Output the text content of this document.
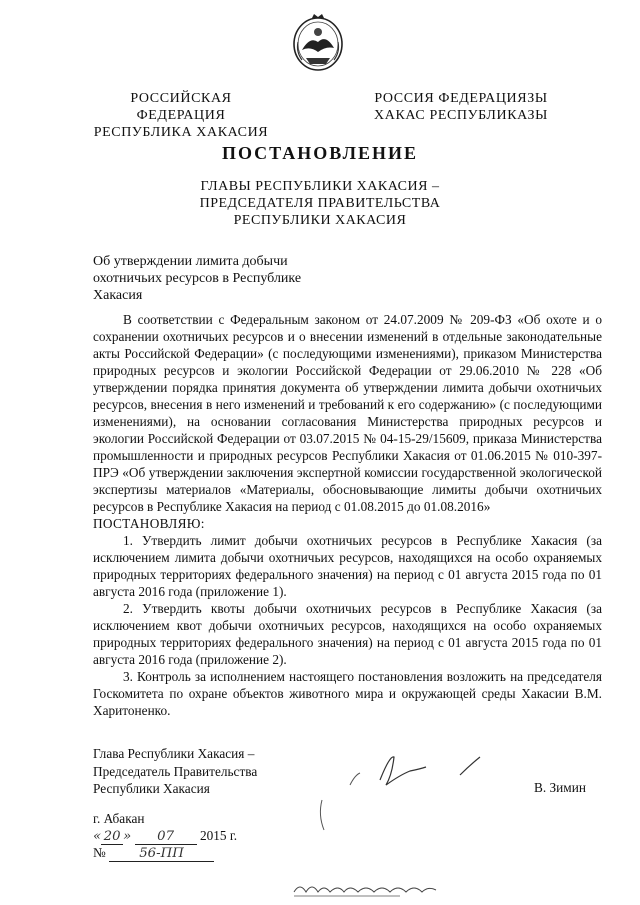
РОССИЙСКАЯ ФЕДЕРАЦИЯ
РЕСПУБЛИКА ХАКАСИЯ
РОССИЯ ФЕДЕРАЦИЯЗЫ
ХАКАС РЕСПУБЛИКАЗЫ
ПОСТАНОВЛЕНИЕ
ГЛАВЫ РЕСПУБЛИКИ ХАКАСИЯ –
ПРЕДСЕДАТЕЛЯ ПРАВИТЕЛЬСТВА
РЕСПУБЛИКИ ХАКАСИЯ
Об утверждении лимита добычи
охотничьих ресурсов в Республике
Хакасия

В соответствии с Федеральным законом от 24.07.2009 № 209-ФЗ «Об охоте и о сохранении охотничьих ресурсов и о внесении изменений в отдельные законодательные акты Российской Федерации» (с последующими изменениями), приказом Министерства природных ресурсов и экологии Российской Федерации от 29.06.2010 № 228 «Об утверждении порядка принятия документа об утверждении лимита добычи охотничьих ресурсов, внесения в него изменений и требований к его содержанию» (с последующими изменениями), на основании согласования Министерства природных ресурсов и экологии Российской Федерации от 03.07.2015 № 04-15-29/15609, приказа Министерства промышленности и природных ресурсов Республики Хакасия от 01.06.2015 № 010-397-ПРЭ «Об утверждении заключения экспертной комиссии государственной экологической экспертизы материалов «Материалы, обосновывающие лимиты добычи охотничьих ресурсов в Республике Хакасия на период с 01.08.2015 до 01.08.2016»

ПОСТАНОВЛЯЮ:

1. Утвердить лимит добычи охотничьих ресурсов в Республике Хакасия (за исключением лимита добычи охотничьих ресурсов, находящихся на особо охраняемых природных территориях федерального значения) на период с 01 августа 2015 года по 01 августа 2016 года (приложение 1).

2. Утвердить квоты добычи охотничьих ресурсов в Республике Хакасия (за исключением квот добычи охотничьих ресурсов, находящихся на особо охраняемых природных территориях федерального значения) на период с 01 августа 2015 года по 01 августа 2016 года (приложение 2).

3. Контроль за исполнением настоящего постановления возложить на председателя Госкомитета по охране объектов животного мира и окружающей среды Хакасии В.М. Харитоненко.

Глава Республики Хакасия –
Председатель Правительства
Республики Хакасия	В. Зимин
г. Абакан
« 20 » 07 2015 г.
№	56-ПП
